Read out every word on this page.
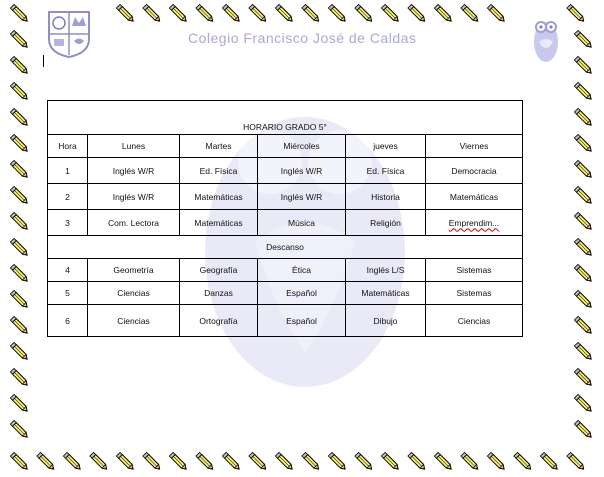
Colegio Francisco José de Caldas
HORARIO GRADO 5°					
Hora	Lunes	Martes	Miércoles	jueves	Viernes
1	Inglés W/R	Ed. Física	Inglés W/R	Ed. Física	Democracia
2	Inglés W/R	Matemáticas	Inglés W/R	Historia	Matemáticas
3	Com. Lectora	Matemáticas	Música	Religión	Emprendim...
Descanso					
4	Geometría	Geografía	Ética	Inglés L/S	Sistemas
5	Ciencias	Danzas	Español	Matemáticas	Sistemas
6	Ciencias	Ortografía	Español	Dibujo	Ciencias
